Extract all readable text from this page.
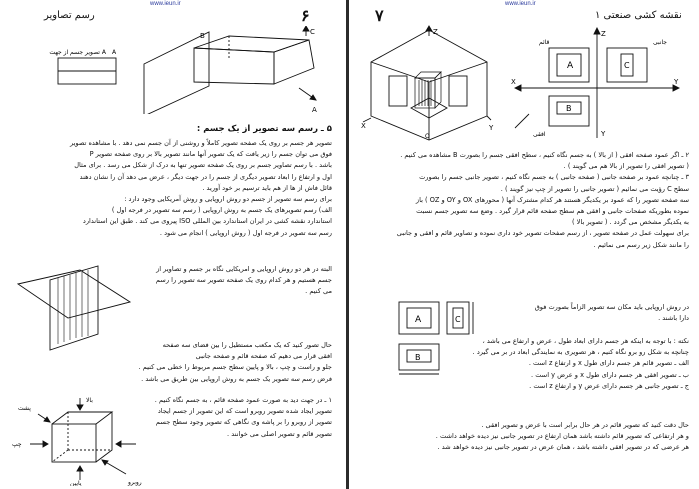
www.ieun.ir
۶
رسم تصاویر
تصویر جسم از جهت A A
A
B	C
۵ ـ رسم سه تصویر از یک جسم :
تصویر هر جسم بر روی یک صفحه تصویر کاملاً و روشنی از آن جسم نمی دهد . با مشاهده تصویر
فوق می توان جسم را زیر یافت که یک تصویر آنها مانند تصویر بالا بر روی صفحه تصویر P
باشد . با رسم تصاویر جسم بر روی یک صفحه تصویر تنها به درک از شکل می رسد . برای مثال
اول و ارتفاع را ابعاد تصویر دیگری از جسم را در جهت دیگر ، عرض می دهد آن را نشان دهند
قائل فاش از ها از هم باید ترسیم بر خود آورید .
برای رسم سه تصویر از جسم دو روش اروپایی و روش آمریکایی وجود دارد :
الف) رسم تصویرهای یک جسم به روش اروپایی ( رسم سه تصویر در فرجه اول )
استاندارد نقشه کشی در ایران استاندارد بین المللی ISO پیروی می کند . طبق این استاندارد
رسم سه تصویر در فرجه اول ( روش اروپایی ) انجام می شود .
البته در هر دو روش اروپایی و امریکایی نگاه بر جسم و تصاویر از
جسم هستیم و هر کدام روی یک صفحه تصویر سه تصویر را رسم
می کنیم .
حال تصور کنید که یک مکعب مستطیل را بین فضای سه صفحه
افقی قرار می دهیم که صفحه قائم و صفحه جانبی
جلو و راست و چپ ، بالا و پایین سطح جسم مربوط را خطی می کنیم .
فرض رسم سه تصویر یک جسم به روش اروپایی بین طریق می باشد .
بالا
پشت
روبرو
پایین
چپ
۱ ـ در جهت دید به صورت عمود صفحه قائم ، به جسم نگاه کنیم .
تصویر ایجاد شده تصویر روبرو است که این تصویر از جسم ایجاد
تصویر از روبرو را بر پاشه وی نگاهی که تصویر وجود سطح جسم
تصویر قائم و تصویر اصلی می خوانند .
www.ieun.ir
۷	نقشه کشی صنعتی ۱
Z
X	Y
O
A	C
B
Z
X	Y
Y
جانبی
قائم
افقی
۲ ـ اگر عمود صفحه افقی ( از بالا ) به جسم نگاه کنیم ، سطح افقی جسم را بصورت B مشاهده می کنیم .
( تصویر افقی را تصویر از بالا هم می گویند ) .
۳ ـ چنانچه عمود بر صفحه جانبی ( صفحه جانبی ) به جسم نگاه کنیم ، تصویر جانبی جسم را بصورت
سطح C رؤیت می نمائیم ( تصویر جانبی را تصویر از چپ نیز گویند ) .
سه صفحه تصویر را که عمود بر یکدیگر هستند هر کدام مشترک آنها ( محورهای OX و OY و OZ ) باز
نموده بطوریکه صفحات جانبی و افقی هم سطح صفحه قائم قرار گیرد . وضع سه تصویر جسم نسبت
به یکدیگر مشخص می گردد . ( تصویر بالا )
برای سهولت عمل در صفحه تصویر ، از رسم صفحات تصویر خود داری نموده و تصاویر قائم و افقی و جانبی
را مانند شکل زیر رسم می نمائیم .
A	C
B
در روش اروپایی باید مکان سه تصویر الزاماً بصورت فوق
دارا باشند .
نکته : با توجه به اینکه هر جسم دارای ابعاد طول ، عرض و ارتفاع می باشد ،
چنانچه به شکل رو برو نگاه کنیم ، هر تصویری به نمایندگی ابعاد در بر می گیرد .
الف ـ تصویر قائم هر جسم دارای طول x و ارتفاع z است .
ب ـ تصویر افقی هر جسم دارای طول x و عرض y است .
ج ـ تصویر جانبی هر جسم دارای عرض y و ارتفاع z است .
حال دقت کنید که تصویر قائم در هر حال برابر است با عرض و تصویر افقی .
و هر ارتفاعی که تصویر قائم داشته باشد همان ارتفاع در تصویر جانبی نیز دیده خواهد داشت .
هر عرضی که در تصویر افقی داشته باشد ، همان عرض در تصویر جانبی نیز دیده خواهد شد .
